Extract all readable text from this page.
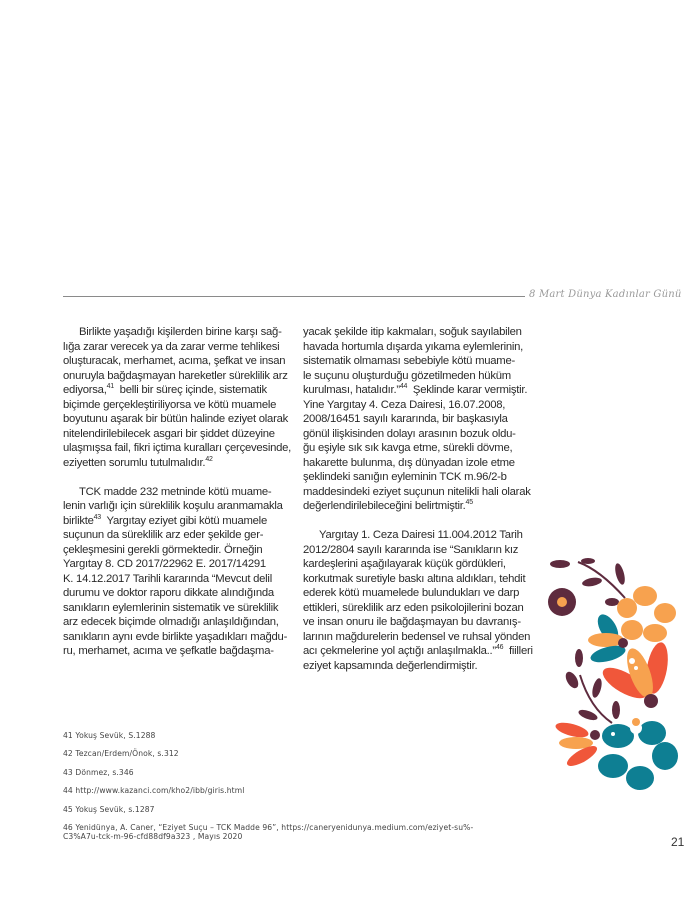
8 Mart Dünya Kadınlar Günü
Birlikte yaşadığı kişilerden birine karşı sağ-
lığa zarar verecek ya da zarar verme tehlikesi
oluşturacak, merhamet, acıma, şefkat ve insan
onuruyla bağdaşmayan hareketler süreklilik arz
ediyorsa,$^{41}$  belli bir süreç içinde, sistematik
biçimde gerçekleştiriliyorsa ve kötü muamele
boyutunu aşarak bir bütün halinde eziyet olarak
nitelendirilebilecek asgari bir şiddet düzeyine
ulaşmışsa fail, fikri içtima kuralları çerçevesinde,
eziyetten sorumlu tutulmalıdır.$^{42}$
TCK madde 232 metninde kötü muame-
lenin varlığı için süreklilik koşulu aranmamakla
birlikte$^{43}$  Yargıtay eziyet gibi kötü muamele
suçunun da süreklilik arz eder şekilde ger-
çekleşmesini gerekli görmektedir. Örneğin
Yargıtay 8. CD 2017/22962 E. 2017/14291
K. 14.12.2017 Tarihli kararında “Mevcut delil
durumu ve doktor raporu dikkate alındığında
sanıkların eylemlerinin sistematik ve süreklilik
arz edecek biçimde olmadığı anlaşıldığından,
sanıkların aynı evde birlikte yaşadıkları mağdu-
ru, merhamet, acıma ve şefkatle bağdaşma-
yacak şekilde itip kakmaları, soğuk sayılabilen
havada hortumla dışarda yıkama eylemlerinin,
sistematik olmaması sebebiyle kötü muame-
le suçunu oluşturduğu gözetilmeden hüküm
kurulması, hatalıdır.”$^{44}$  Şeklinde karar vermiştir.
Yine Yargıtay 4. Ceza Dairesi, 16.07.2008,
2008/16451 sayılı kararında, bir başkasıyla
gönül ilişkisinden dolayı arasının bozuk oldu-
ğu eşiyle sık sık kavga etme, sürekli dövme,
hakarette bulunma, dış dünyadan izole etme
şeklindeki sanığın eyleminin TCK m.96/2-b
maddesindeki eziyet suçunun nitelikli hali olarak
değerlendirilebileceğini belirtmiştir.$^{45}$
Yargıtay 1. Ceza Dairesi 11.004.2012 Tarih
2012/2804 sayılı kararında ise “Sanıkların kız
kardeşlerini aşağılayarak küçük gördükleri,
korkutmak suretiyle baskı altına aldıkları, tehdit
ederek kötü muamelede bulundukları ve darp
ettikleri, süreklilik arz eden psikolojilerini bozan
ve insan onuru ile bağdaşmayan bu davranış-
larının mağdurelerin bedensel ve ruhsal yönden
acı çekmelerine yol açtığı anlaşılmakla..”$^{46}$  fiilleri
eziyet kapsamında değerlendirmiştir.
41 Yokuş Sevük, S.1288
42 Tezcan/Erdem/Önok, s.312
43 Dönmez, s.346
44 http://www.kazanci.com/kho2/ibb/giris.html
45 Yokuş Sevük, s.1287
46 Yenidünya, A. Caner, “Eziyet Suçu – TCK Madde 96”, https://caneryenidunya.medium.com/eziyet-su%-
C3%A7u-tck-m-96-cfd88df9a323 , Mayıs 2020	21
